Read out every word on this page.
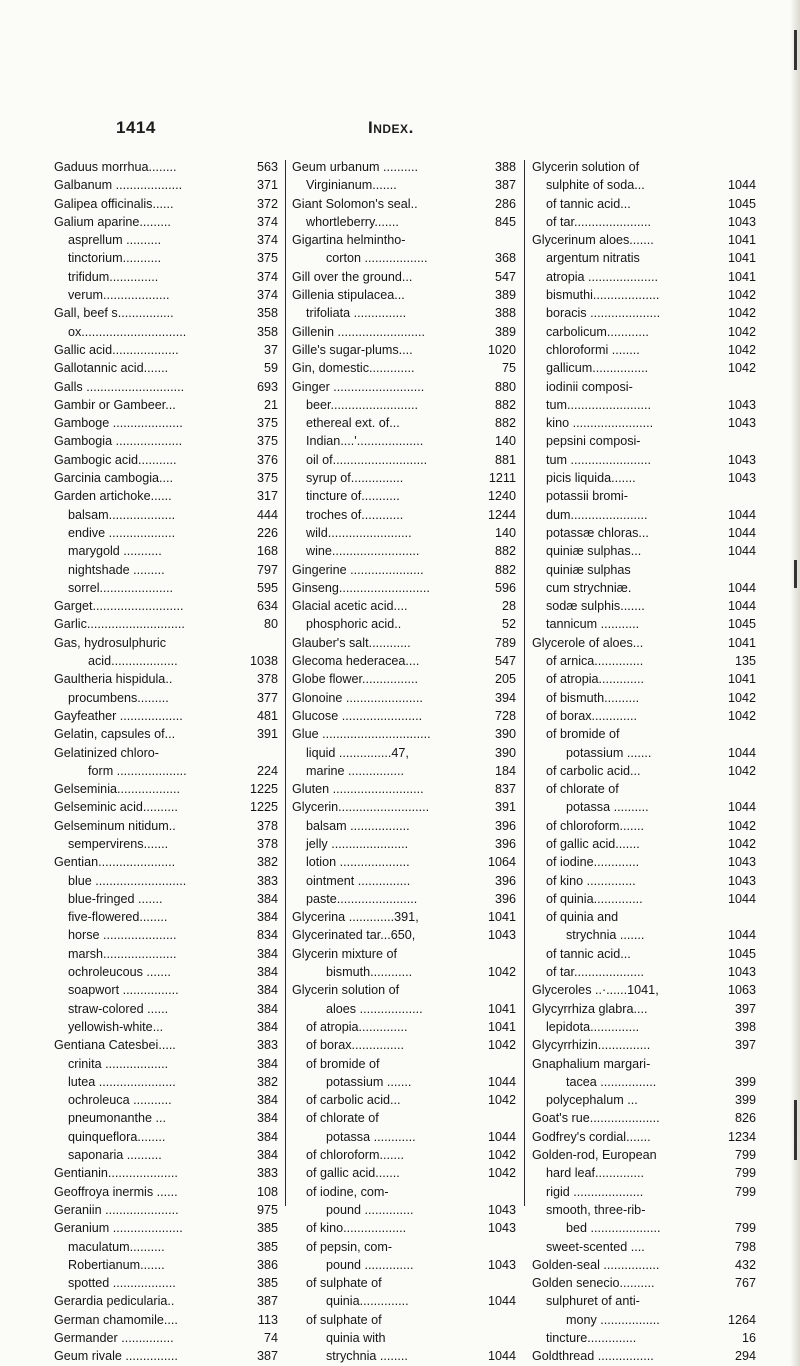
1414	Index.
Gaduus morrhua........	563
Galbanum ...................	371
Galipea officinalis......	372
Galium aparine.........	374
asprellum ..........	374
tinctorium...........	375
trifidum..............	374
verum...................	374
Gall, beef s................	358
ox..............................	358
Gallic acid...................	37
Gallotannic acid.......	59
Galls ............................	693
Gambir or Gambeer...	21
Gamboge ....................	375
Gambogia ...................	375
Gambogic acid...........	376
Garcinia cambogia....	375
Garden artichoke......	317
balsam...................	444
endive ...................	226
marygold ...........	168
nightshade .........	797
sorrel.....................	595
Garget..........................	634
Garlic............................	80
Gas, hydrosulphuric
acid...................	1038
Gaultheria hispidula..	378
procumbens.........	377
Gayfeather ..................	481
Gelatin, capsules of...	391
Gelatinized chloro-
form ....................	224
Gelseminia..................	1225
Gelseminic acid..........	1225
Gelseminum nitidum..	378
sempervirens.......	378
Gentian......................	382
blue ..........................	383
blue-fringed .......	384
five-flowered........	384
horse .....................	834
marsh.....................	384
ochroleucous .......	384
soapwort ................	384
straw-colored ......	384
yellowish-white...	384
Gentiana Catesbei.....	383
crinita ..................	384
lutea ......................	382
ochroleuca ...........	384
pneumonanthe ...	384
quinqueflora........	384
saponaria ..........	384
Gentianin....................	383
Geoffroya inermis ......	108
Geraniin .....................	975
Geranium ....................	385
maculatum..........	385
Robertianum.......	386
spotted ..................	385
Gerardia pedicularia..	387
German chamomile....	113
Germander ...............	74
Geum rivale ...............	387
Geum urbanum ..........	388
Virginianum.......	387
Giant Solomon's seal..	286
whortleberry.......	845
Gigartina helmintho-
corton ..................	368
Gill over the ground...	547
Gillenia stipulacea...	389
trifoliata ...............	388
Gillenin .........................	389
Gille's sugar-plums....	1020
Gin, domestic.............	75
Ginger ..........................	880
beer.........................	882
ethereal ext. of...	882
Indian....'...................	140
oil of...........................	881
syrup of...............	1211
tincture of...........	1240
troches of............	1244
wild........................	140
wine.........................	882
Gingerine .....................	882
Ginseng..........................	596
Glacial acetic acid....	28
phosphoric acid..	52
Glauber's salt............	789
Glecoma hederacea....	547
Globe flower................	205
Glonoine ......................	394
Glucose .......................	728
Glue ...............................	390
liquid ...............47,	390
marine ................	184
Gluten ..........................	837
Glycerin..........................	391
balsam .................	396
jelly ......................	396
lotion ....................	1064
ointment ...............	396
paste.......................	396
Glycerina .............391,	1041
Glycerinated tar...650,	1043
Glycerin mixture of
bismuth............	1042
Glycerin solution of
aloes ..................	1041
of atropia..............	1041
of borax...............	1042
of bromide of
potassium .......	1044
of carbolic acid...	1042
of chlorate of
potassa ............	1044
of chloroform.......	1042
of gallic acid.......	1042
of iodine, com-
pound ..............	1043
of kino..................	1043
of pepsin, com-
pound ..............	1043
of sulphate of
quinia..............	1044
of sulphate of
quinia with
strychnia ........	1044
Glycerin solution of
sulphite of soda...	1044
of tannic acid...	1045
of tar......................	1043
Glycerinum aloes.......	1041
argentum nitratis	1041
atropia ....................	1041
bismuthi...................	1042
boracis ....................	1042
carbolicum............	1042
chloroformi ........	1042
gallicum................	1042
iodinii composi-
tum........................	1043
kino .......................	1043
pepsini composi-
tum .......................	1043
picis liquida.......	1043
potassii bromi-
dum......................	1044
potassæ chloras...	1044
quiniæ sulphas...	1044
quiniæ sulphas
cum strychniæ.	1044
sodæ sulphis.......	1044
tannicum ...........	1045
Glycerole of aloes...	1041
of arnica..............	135
of atropia.............	1041
of bismuth..........	1042
of borax.............	1042
of bromide of
potassium .......	1044
of carbolic acid...	1042
of chlorate of
potassa ..........	1044
of chloroform.......	1042
of gallic acid.......	1042
of iodine.............	1043
of kino ..............	1043
of quinia..............	1044
of quinia and
strychnia .......	1044
of tannic acid...	1045
of tar....................	1043
Glyceroles ..·......1041,	1063
Glycyrrhiza glabra....	397
lepidota..............	398
Glycyrrhizin...............	397
Gnaphalium margari-
tacea ................	399
polycephalum ...	399
Goat's rue....................	826
Godfrey's cordial.......	1234
Golden-rod, European	799
hard leaf..............	799
rigid ....................	799
smooth, three-rib-
bed ....................	799
sweet-scented ....	798
Golden-seal ................	432
Golden senecio..........	767
sulphuret of anti-
mony .................	1264
tincture..............	16
Goldthread ................	294
